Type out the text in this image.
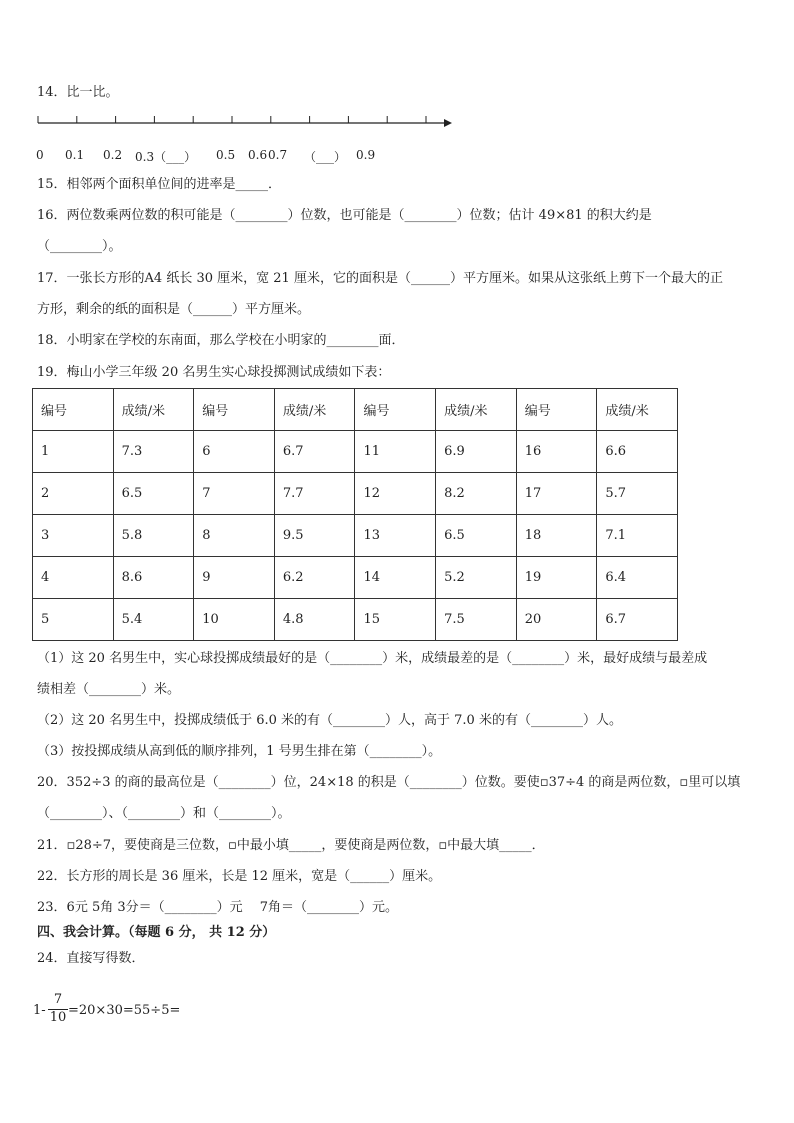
14．比一比。
0 0.1 0.2 0.3（___） 0.5 0.6 0.7 （___） 0.9
15．相邻两个面积单位间的进率是_____．
16．两位数乘两位数的积可能是（________）位数，也可能是（________）位数；估计 49×81 的积大约是
（________）。
17．一张长方形的A4 纸长 30 厘米，宽 21 厘米，它的面积是（______）平方厘米。如果从这张纸上剪下一个最大的正
方形，剩余的纸的面积是（______）平方厘米。
18．小明家在学校的东南面，那么学校在小明家的________面．
19．梅山小学三年级 20 名男生实心球投掷测试成绩如下表：
编号	成绩/米	编号	成绩/米	编号	成绩/米	编号	成绩/米
1	7.3	6	6.7	11	6.9	16	6.6
2	6.5	7	7.7	12	8.2	17	5.7
3	5.8	8	9.5	13	6.5	18	7.1
4	8.6	9	6.2	14	5.2	19	6.4
5	5.4	10	4.8	15	7.5	20	6.7
（1）这 20 名男生中，实心球投掷成绩最好的是（________）米，成绩最差的是（________）米，最好成绩与最差成
绩相差（________）米。
（2）这 20 名男生中，投掷成绩低于 6.0 米的有（________）人，高于 7.0 米的有（________）人。
（3）按投掷成绩从高到低的顺序排列，1 号男生排在第（________）。
20．352÷3 的商的最高位是（________）位，24×18 的积是（________）位数。要使▫37÷4 的商是两位数，▫里可以填
（________）、（________）和（________）。
21．▫28÷7，要使商是三位数，▫中最小填_____，要使商是两位数，▫中最大填_____．
22．长方形的周长是 36 厘米，长是 12 厘米，宽是（______）厘米。
23．6元 5角 3分＝（________）元　 7角＝（________）元。
四、我会计算。（每题 6 分， 共 12 分）
24．直接写得数．
1-
7
10 =20×30=55÷5=
